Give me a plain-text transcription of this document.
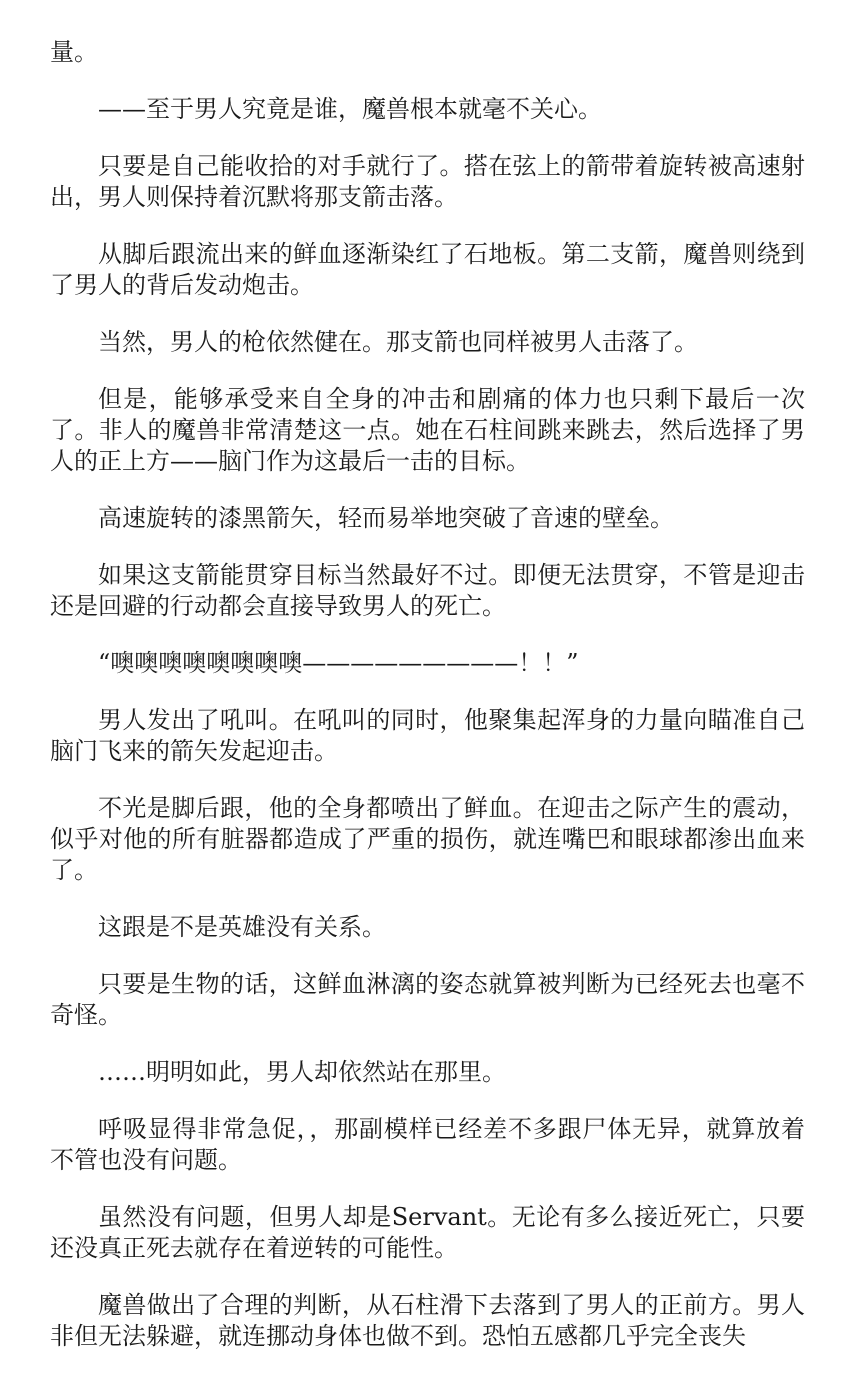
量。

——至于男人究竟是谁，魔兽根本就毫不关心。

只要是自己能收拾的对手就行了。搭在弦上的箭带着旋转被高速射出，男人则保持着沉默将那支箭击落。

从脚后跟流出来的鲜血逐渐染红了石地板。第二支箭，魔兽则绕到了男人的背后发动炮击。

当然，男人的枪依然健在。那支箭也同样被男人击落了。

但是，能够承受来自全身的冲击和剧痛的体力也只剩下最后一次了。非人的魔兽非常清楚这一点。她在石柱间跳来跳去，然后选择了男人的正上方——脑门作为这最后一击的目标。

高速旋转的漆黑箭矢，轻而易举地突破了音速的壁垒。

如果这支箭能贯穿目标当然最好不过。即便无法贯穿，不管是迎击还是回避的行动都会直接导致男人的死亡。

“噢噢噢噢噢噢噢噢—————————！！”

男人发出了吼叫。在吼叫的同时，他聚集起浑身的力量向瞄准自己脑门飞来的箭矢发起迎击。

不光是脚后跟，他的全身都喷出了鲜血。在迎击之际产生的震动，似乎对他的所有脏器都造成了严重的损伤，就连嘴巴和眼球都渗出血来了。

这跟是不是英雄没有关系。

只要是生物的话，这鲜血淋漓的姿态就算被判断为已经死去也毫不奇怪。

……明明如此，男人却依然站在那里。

呼吸显得非常急促，，那副模样已经差不多跟尸体无异，就算放着不管也没有问题。

虽然没有问题，但男人却是Servant。无论有多么接近死亡，只要还没真正死去就存在着逆转的可能性。

魔兽做出了合理的判断，从石柱滑下去落到了男人的正前方。男人非但无法躲避，就连挪动身体也做不到。恐怕五感都几乎完全丧失
